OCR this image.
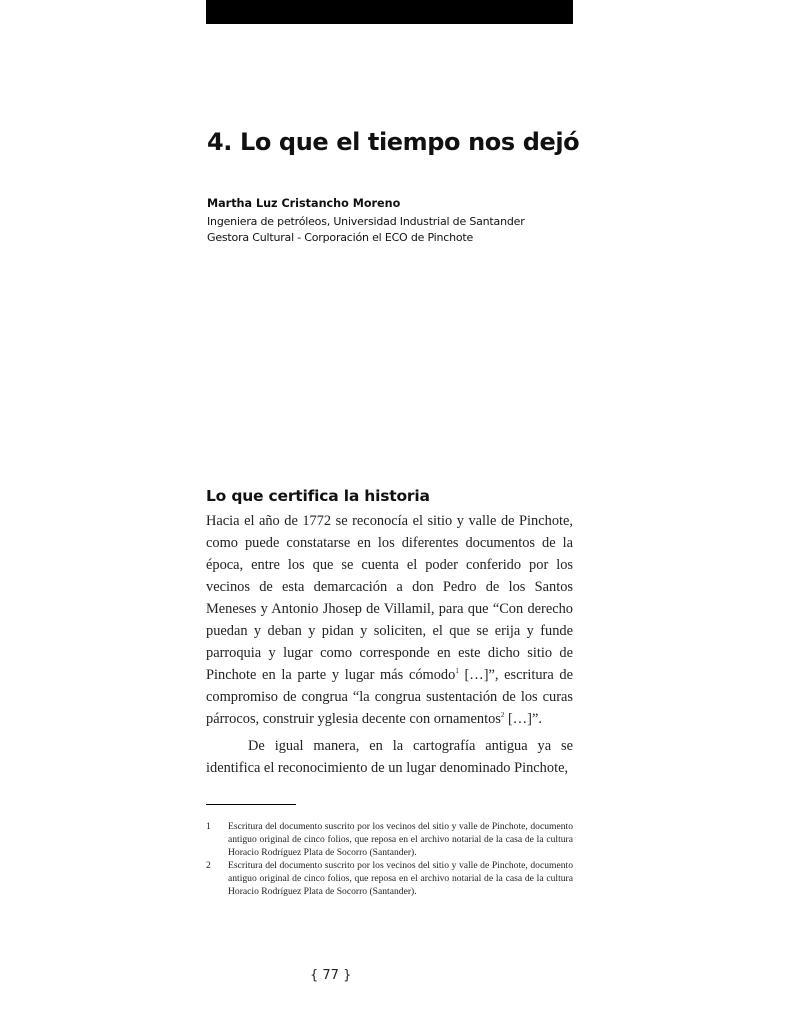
4. Lo que el tiempo nos dejó

Martha Luz Cristancho Moreno

Ingeniera de petróleos, Universidad Industrial de Santander

Gestora Cultural - Corporación el ECO de Pinchote

Lo que certifica la historia

Hacia el año de 1772 se reconocía el sitio y valle de Pinchote, como puede constatarse en los diferentes documentos de la época, entre los que se cuenta el poder conferido por los vecinos de esta demarcación a don Pedro de los Santos Meneses y Antonio Jhosep de Villamil, para que “Con derecho puedan y deban y pidan y soliciten, el que se erija y funde parroquia y lugar como corresponde en este dicho sitio de Pinchote en la parte y lugar más cómodo$^1$ […]”, escritura de compromiso de congrua “la congrua sustentación de los curas párrocos, construir yglesia decente con ornamentos$^2$ […]”.

De igual manera, en la cartografía antigua ya se identifica el reconocimiento de un lugar denominado Pinchote,

1	Escritura del documento suscrito por los vecinos del sitio y valle de Pinchote, documento antiguo original de cinco folios, que reposa en el archivo notarial de la casa de la cultura Horacio Rodríguez Plata de Socorro (Santander).
2	Escritura del documento suscrito por los vecinos del sitio y valle de Pinchote, documento antiguo original de cinco folios, que reposa en el archivo notarial de la casa de la cultura Horacio Rodríguez Plata de Socorro (Santander).
{ 77 }
